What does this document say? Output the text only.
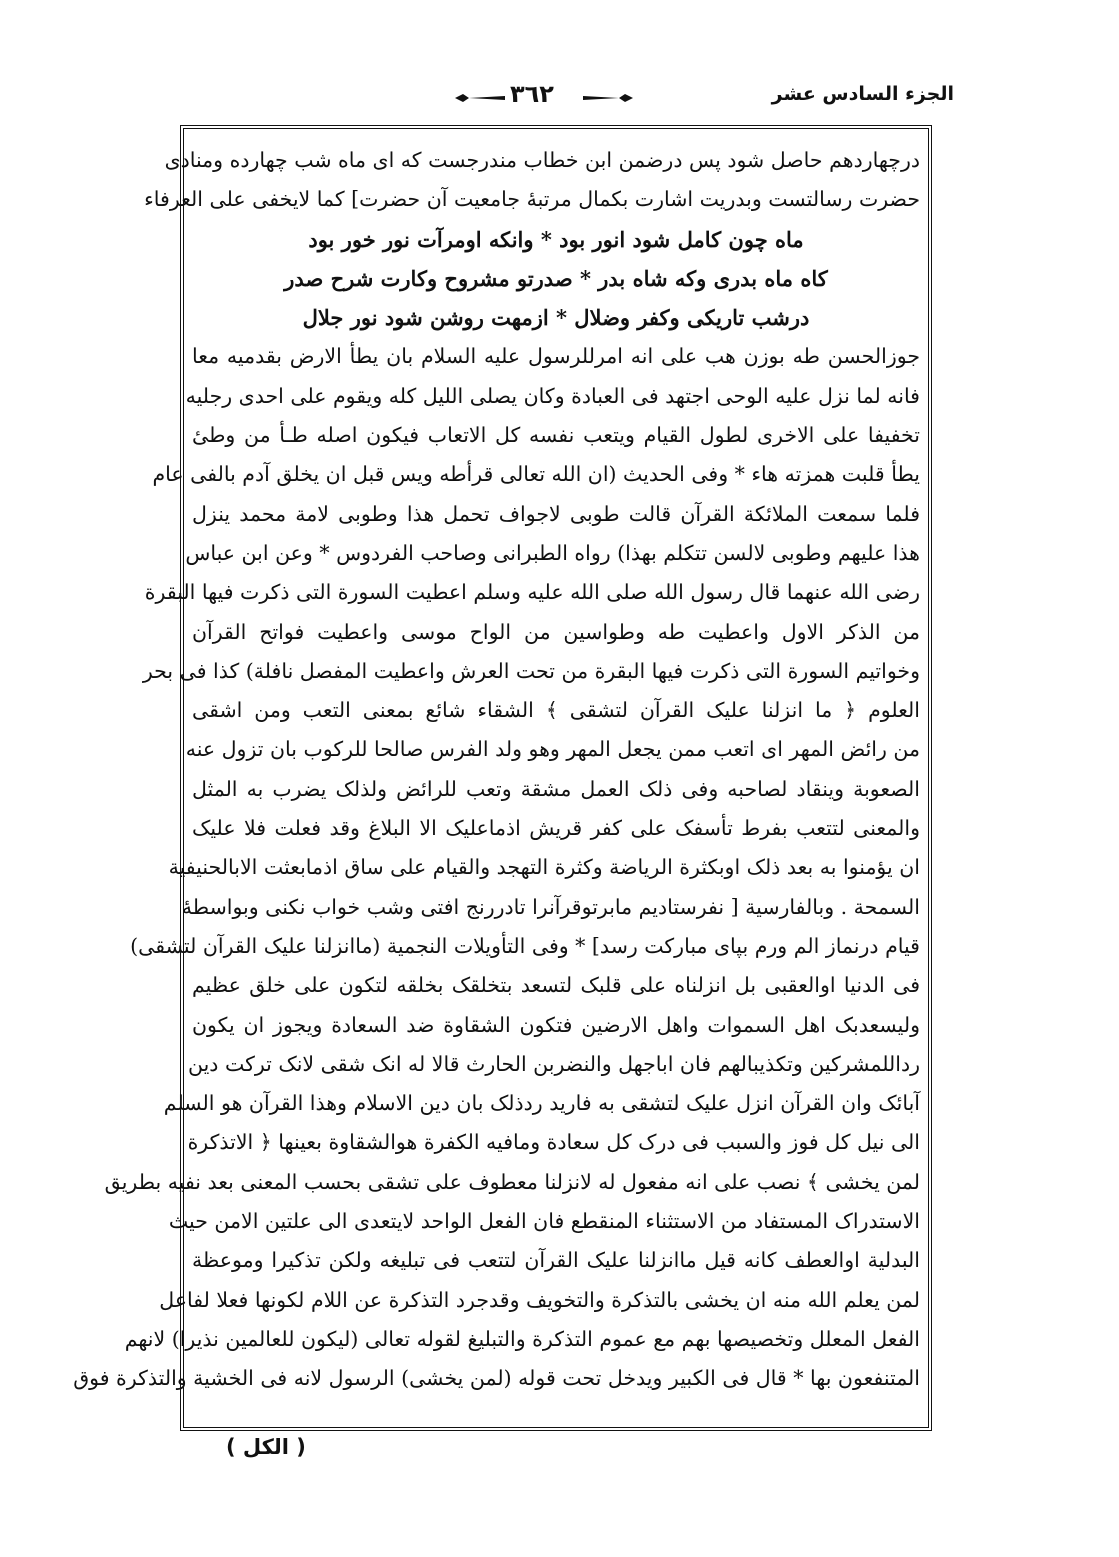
الجزء السادس عشر
٣٦٢
درچهاردهم حاصل شود پس درضمن ابن خطاب مندرجست که ای ماه شب چهارده ومنادی
حضرت رسالتست وبدریت اشارت بکمال مرتبهٔ جامعیت آن حضرت] کما لایخفی علی العرفاء
ماه چون کامل شود انور بود * وانکه اومرآت نور خور بود
کاه ماه بدری وکه شاه بدر * صدرتو مشروح وکارت شرح صدر
درشب تاریکی وکفر وضلال * ازمهت روشن شود نور جلال
جوزالحسن طه بوزن هب علی انه امرللرسول علیه السلام بان یطأ الارض بقدمیه معا
فانه لما نزل علیه الوحی اجتهد فی العبادة وکان یصلی اللیل کله ویقوم علی احدی رجلیه
تخفیفا علی الاخری لطول القیام ویتعب نفسه کل الاتعاب فیکون اصله طـأ من وطیٔ
یطأ قلبت همزته هاء * وفی الحدیث (ان الله تعالی قرأطه ویس قبل ان یخلق آدم بالفی عام
فلما سمعت الملائکة القرآن قالت طوبی لاجواف تحمل هذا وطوبی لامة محمد ینزل
هذا علیهم وطوبی لالسن تتکلم بهذا) رواه الطبرانی وصاحب الفردوس * وعن ابن عباس
رضی الله عنهما قال رسول الله صلی الله علیه وسلم اعطیت السورة التی ذکرت فیها البقرة
من الذکر الاول واعطیت طه وطواسین من الواح موسی واعطیت فواتح القرآن
وخواتیم السورة التی ذکرت فیها البقرة من تحت العرش واعطیت المفصل نافلة) کذا فی بحر
العلوم ﴿ ما انزلنا علیک القرآن لتشقی ﴾ الشقاء شائع بمعنی التعب ومن اشقی
من رائض المهر ای اتعب ممن یجعل المهر وهو ولد الفرس صالحا للرکوب بان تزول عنه
الصعوبة وینقاد لصاحبه وفی ذلک العمل مشقة وتعب للرائض ولذلک یضرب به المثل
والمعنی لتتعب بفرط تأسفک علی کفر قریش اذماعلیک الا البلاغ وقد فعلت فلا علیک
ان یؤمنوا به بعد ذلک اوبکثرة الریاضة وکثرة التهجد والقیام علی ساق اذمابعثت الابالحنیفیة
السمحة . وبالفارسیة [ نفرستادیم مابرتوقرآنرا تادررنج افتی وشب خواب نکنی وبواسطهٔ
قیام درنماز الم ورم بپای مبارکت رسد] * وفی التأویلات النجمیة (ماانزلنا علیک القرآن لتشقی)
فی الدنیا اوالعقبی بل انزلناه علی قلبک لتسعد بتخلقک بخلقه لتکون علی خلق عظیم
ولیسعدبک اهل السموات واهل الارضین فتکون الشقاوة ضد السعادة ویجوز ان یکون
رداللمشرکین وتکذیبالهم فان اباجهل والنضربن الحارث قالا له انک شقی لانک ترکت دین
آبائک وان القرآن انزل علیک لتشقی به فارید ردذلک بان دین الاسلام وهذا القرآن هو السلم
الی نیل کل فوز والسبب فی درک کل سعادة ومافیه الکفرة هوالشقاوة بعینها ﴿ الاتذکرة
لمن یخشی ﴾ نصب علی انه مفعول له لانزلنا معطوف علی تشقی بحسب المعنی بعد نفیه بطریق
الاستدراک المستفاد من الاستثناء المنقطع فان الفعل الواحد لایتعدی الی علتین الامن حیث
البدلیة اوالعطف کانه قیل ماانزلنا علیک القرآن لتتعب فی تبلیغه ولکن تذکیرا وموعظة
لمن یعلم الله منه ان یخشی بالتذکرة والتخویف وقدجرد التذکرة عن اللام لکونها فعلا لفاعل
الفعل المعلل وتخصیصها بهم مع عموم التذکرة والتبلیغ لقوله تعالی (لیکون للعالمین نذیرا) لانهم
المتنفعون بها * قال فی الکبیر ویدخل تحت قوله (لمن یخشی) الرسول لانه فی الخشیة والتذکرة فوق
( الکل )
